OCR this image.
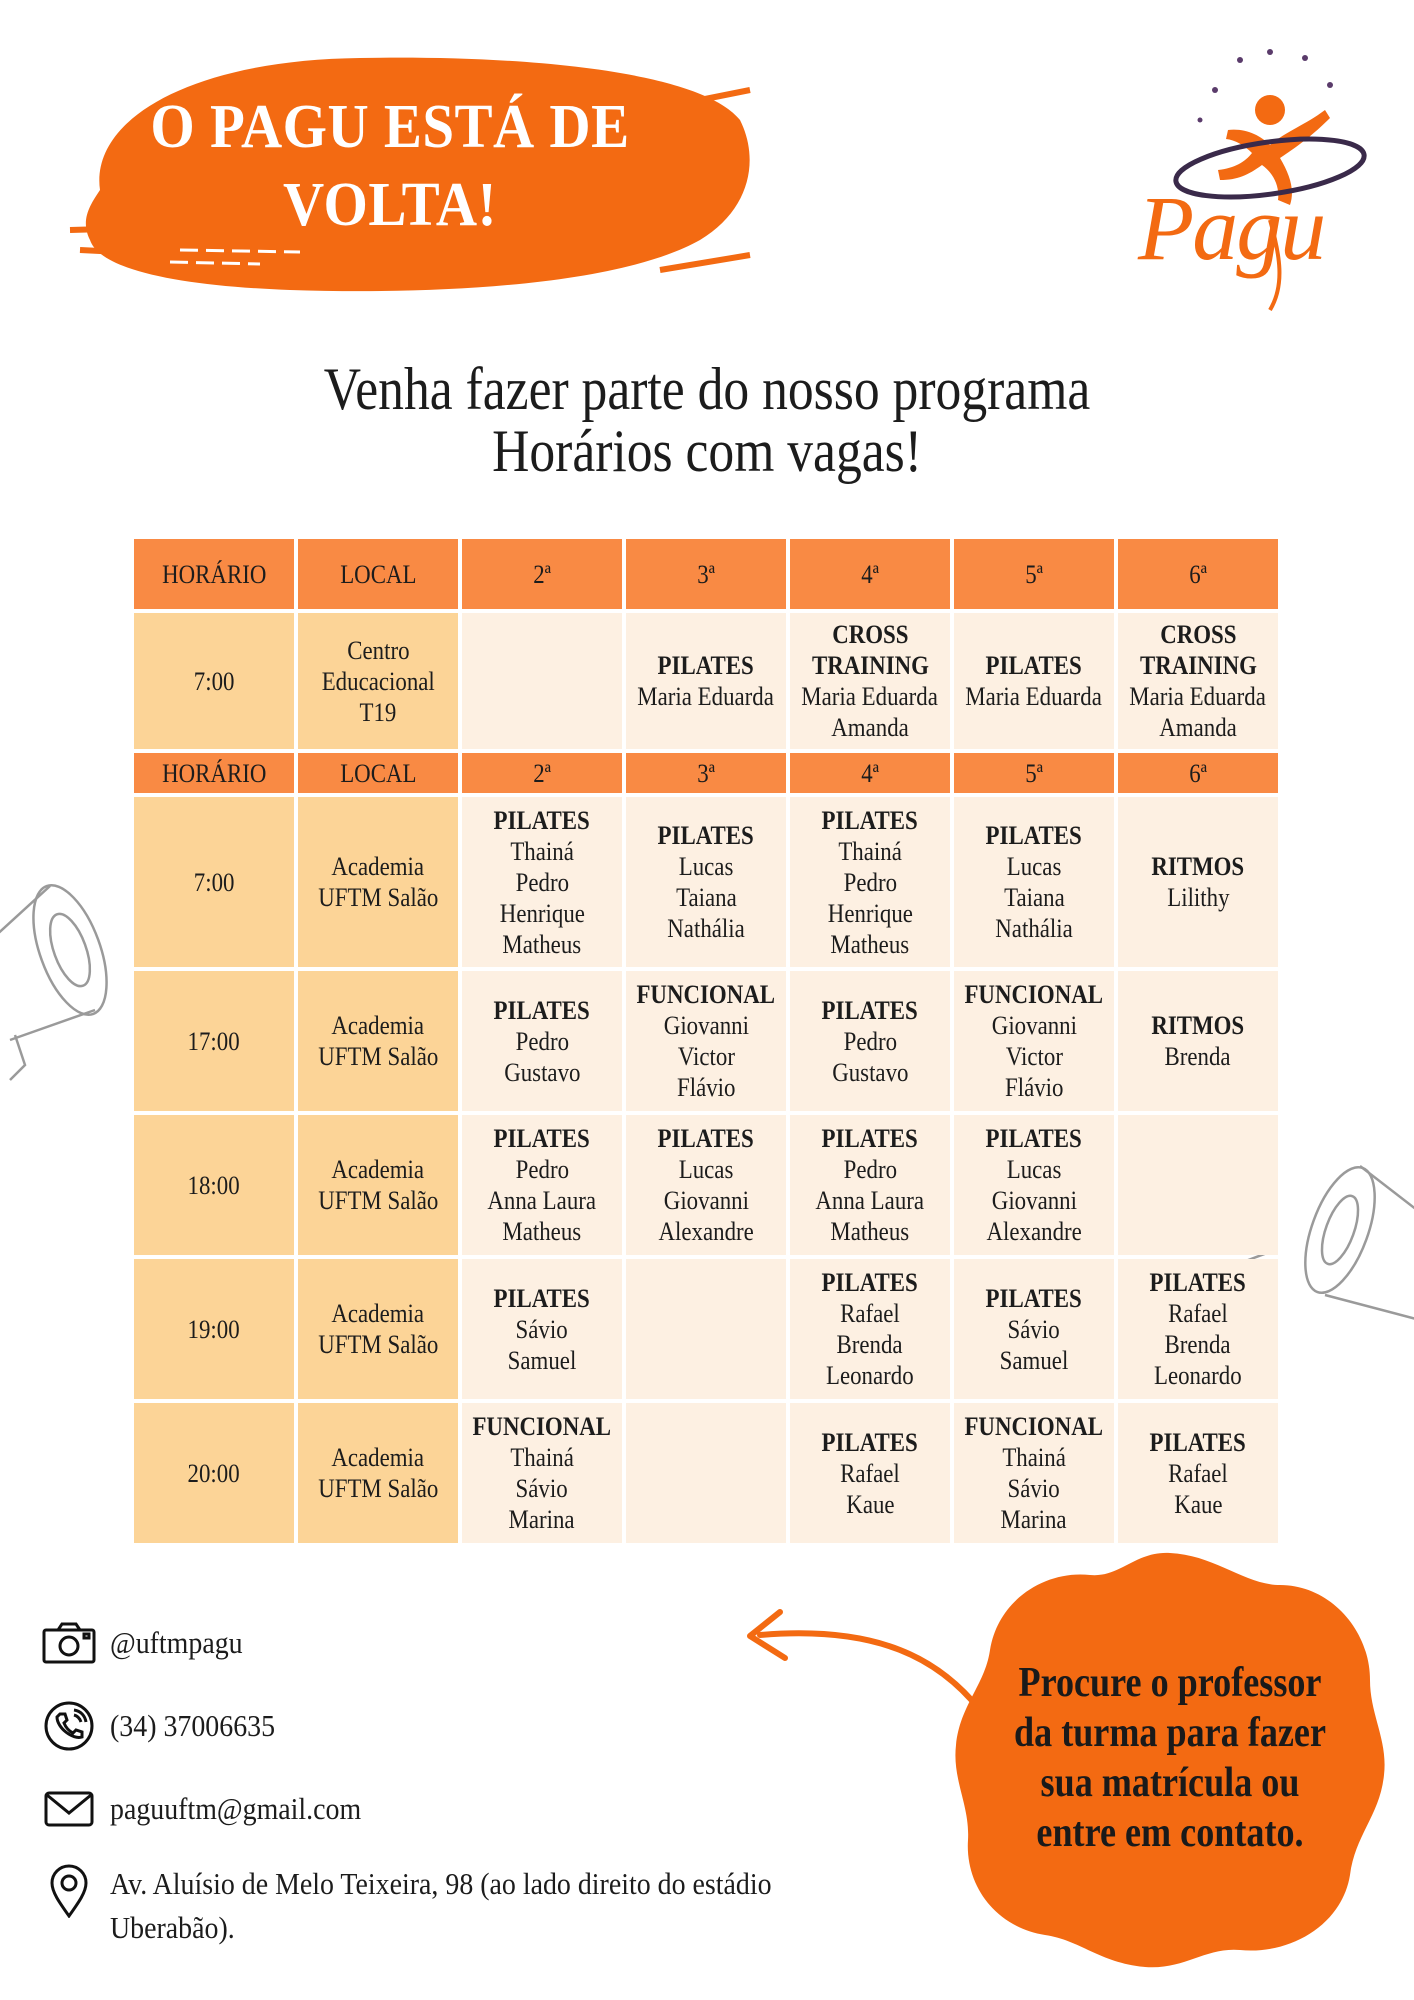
O PAGU ESTÁ DE
VOLTA!	Pagu
Venha fazer parte do nosso programa
Horários com vagas!
HORÁRIO	LOCAL	2ª	3ª	4ª	5ª	6ª
7:00	Centro
Educacional
T19		PILATES
Maria Eduarda	CROSS
TRAINING
Maria Eduarda
Amanda	PILATES
Maria Eduarda	CROSS
TRAINING
Maria Eduarda
Amanda

HORÁRIO	LOCAL	2ª	3ª	4ª	5ª	6ª
7:00	Academia
UFTM Salão	PILATES
Thainá
Pedro
Henrique
Matheus	PILATES
Lucas
Taiana
Nathália	PILATES
Thainá
Pedro
Henrique
Matheus	PILATES
Lucas
Taiana
Nathália	RITMOS
Lilithy

17:00	Academia
UFTM Salão	PILATES
Pedro
Gustavo	FUNCIONAL
Giovanni
Victor
Flávio	PILATES
Pedro
Gustavo	FUNCIONAL
Giovanni
Victor
Flávio	RITMOS
Brenda

18:00	Academia
UFTM Salão	PILATES
Pedro
Anna Laura
Matheus	PILATES
Lucas
Giovanni
Alexandre	PILATES
Pedro
Anna Laura
Matheus	PILATES
Lucas
Giovanni
Alexandre	

19:00	Academia
UFTM Salão	PILATES
Sávio
Samuel		PILATES
Rafael
Brenda
Leonardo	PILATES
Sávio
Samuel	PILATES
Rafael
Brenda
Leonardo

20:00	Academia
UFTM Salão	FUNCIONAL
Thainá
Sávio
Marina		PILATES
Rafael
Kaue	FUNCIONAL
Thainá
Sávio
Marina	PILATES
Rafael
Kaue
@uftmpagu
(34) 37006635
paguuftm@gmail.com
Av. Aluísio de Melo Teixeira, 98 (ao lado direito do estádio
Uberabão).
Procure o professor
da turma para fazer
sua matrícula ou
entre em contato.
